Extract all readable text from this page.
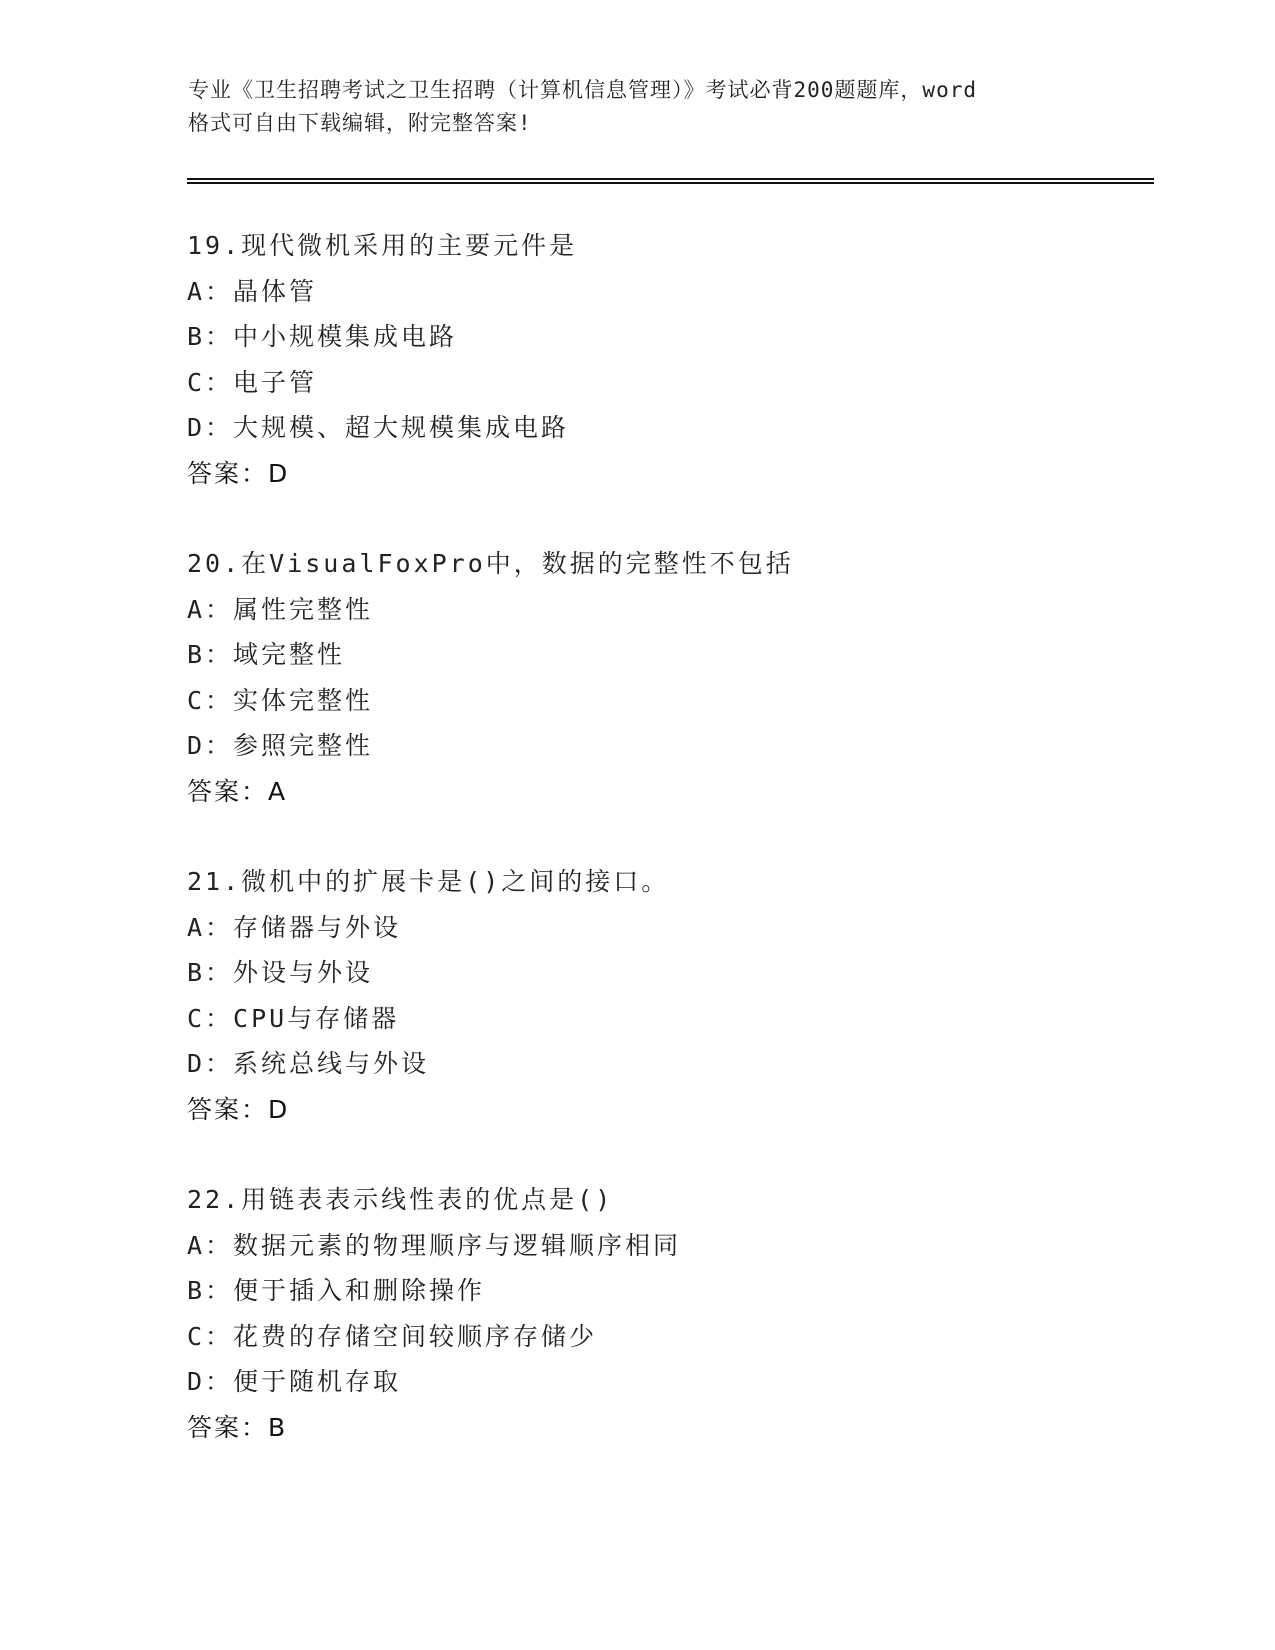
专业《卫生招聘考试之卫生招聘（计算机信息管理）》考试必背200题题库，word
格式可自由下载编辑，附完整答案!
19.现代微机采用的主要元件是
A：晶体管
B：中小规模集成电路
C：电子管
D：大规模、超大规模集成电路
答案：D
20.在VisualFoxPro中，数据的完整性不包括
A：属性完整性
B：域完整性
C：实体完整性
D：参照完整性
答案：A
21.微机中的扩展卡是()之间的接口。
A：存储器与外设
B：外设与外设
C：CPU与存储器
D：系统总线与外设
答案：D
22.用链表表示线性表的优点是()
A：数据元素的物理顺序与逻辑顺序相同
B：便于插入和删除操作
C：花费的存储空间较顺序存储少
D：便于随机存取
答案：B
